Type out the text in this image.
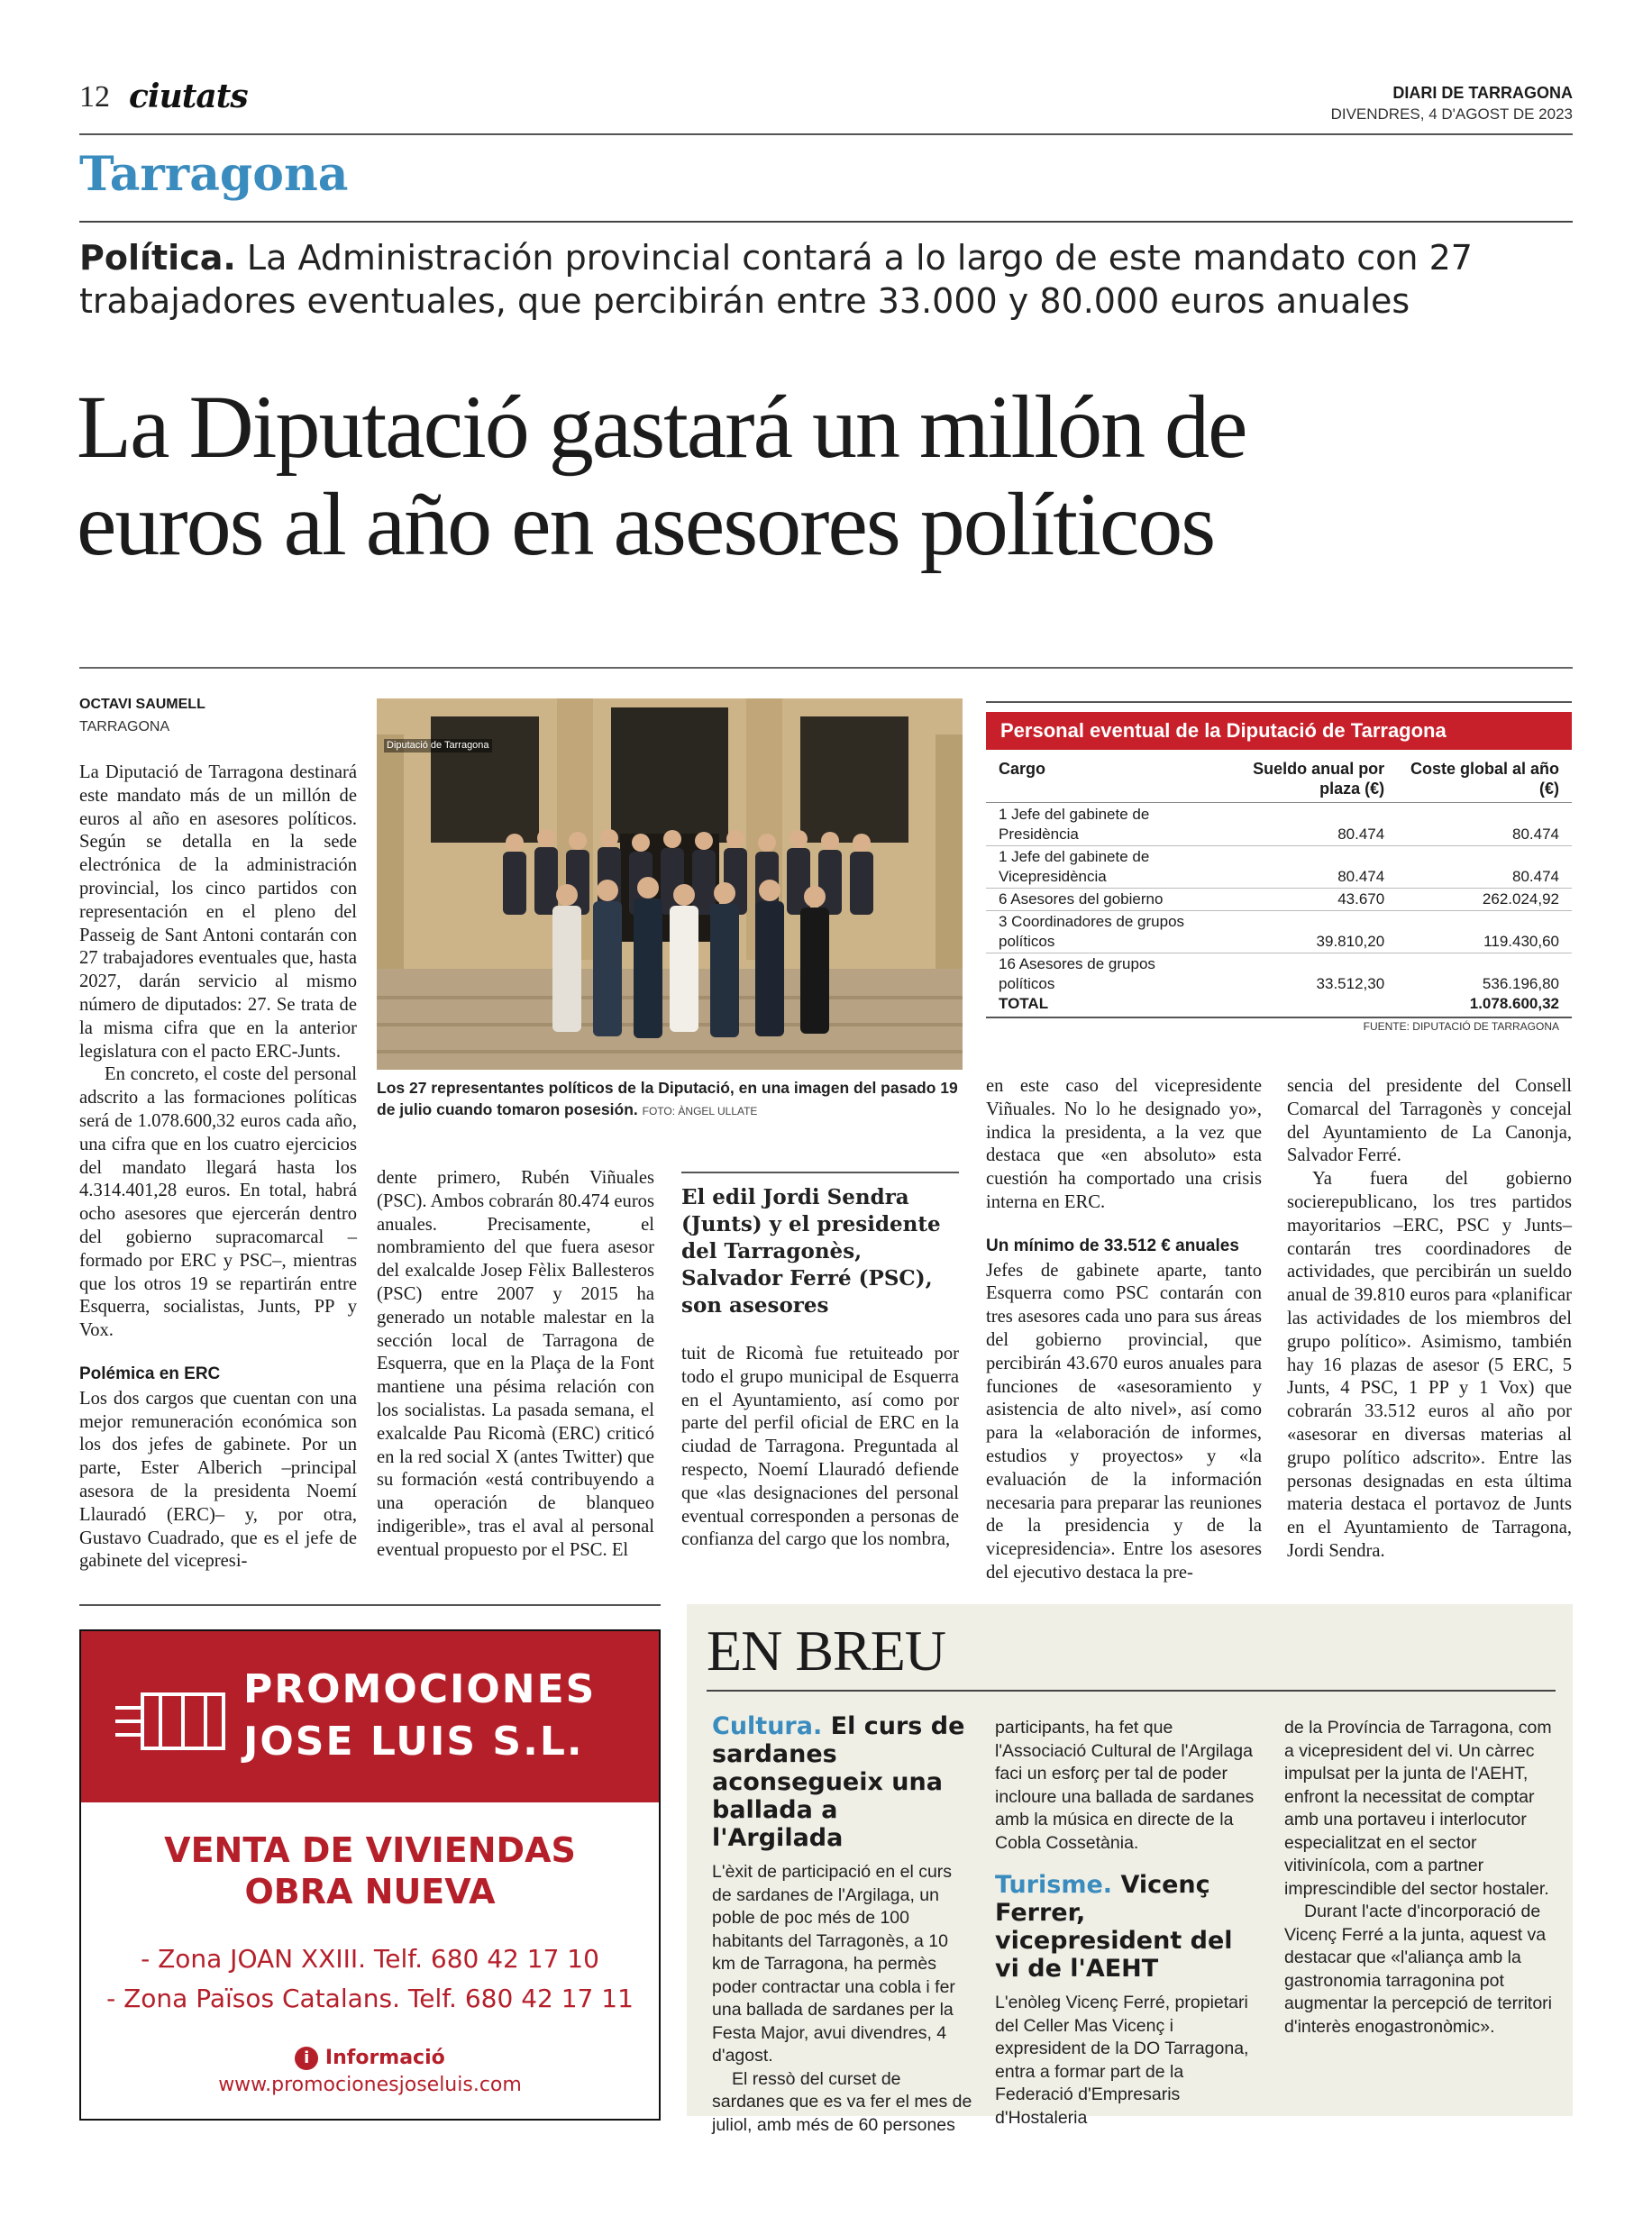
12 ciutats	DIARI DE TARRAGONA
DIVENDRES, 4 D'AGOST DE 2023
Tarragona
Política. La Administración provincial contará a lo largo de este mandato con 27 trabajadores eventuales, que percibirán entre 33.000 y 80.000 euros anuales
La Diputació gastará un millón de
euros al año en asesores políticos
OCTAVI SAUMELL
TARRAGONA

La Diputació de Tarragona destinará este mandato más de un millón de euros al año en asesores políticos. Según se detalla en la sede electrónica de la administración provincial, los cinco partidos con representación en el pleno del Passeig de Sant Antoni contarán con 27 trabajadores eventuales que, hasta 2027, darán servicio al mismo número de diputados: 27. Se trata de la misma cifra que en la anterior legislatura con el pacto ERC-Junts.

En concreto, el coste del personal adscrito a las formaciones políticas será de 1.078.600,32 euros cada año, una cifra que en los cuatro ejercicios del mandato llegará hasta los 4.314.401,28 euros. En total, habrá ocho asesores que ejercerán dentro del gobierno supracomarcal –formado por ERC y PSC–, mientras que los otros 19 se repartirán entre Esquerra, socialistas, Junts, PP y Vox.

Polémica en ERC

Los dos cargos que cuentan con una mejor remuneración económica son los dos jefes de gabinete. Por un parte, Ester Alberich –principal asesora de la presidenta Noemí Llauradó (ERC)– y, por otra, Gustavo Cuadrado, que es el jefe de gabinete del vicepresi-

Diputació de Tarragona
Los 27 representantes políticos de la Diputació, en una imagen del pasado 19 de julio cuando tomaron posesión. FOTO: ÀNGEL ULLATE
Personal eventual de la Diputació de Tarragona
Cargo	Sueldo anual por plaza (€)	Coste global al año (€)

1 Jefe del gabinete de Presidència	80.474	80.474

1 Jefe del gabinete de Vicepresidència	80.474	80.474

6 Asesores del gobierno	43.670	262.024,92

3 Coordinadores de grupos políticos	39.810,20	119.430,60

16 Asesores de grupos políticos	33.512,30	536.196,80
TOTAL		1.078.600,32
FUENTE: DIPUTACIÓ DE TARRAGONA

dente primero, Rubén Viñuales (PSC). Ambos cobrarán 80.474 euros anuales. Precisamente, el nombramiento del que fuera asesor del exalcalde Josep Fèlix Ballesteros (PSC) entre 2007 y 2015 ha generado un notable malestar en la sección local de Tarragona de Esquerra, que en la Plaça de la Font mantiene una pésima relación con los socialistas. La pasada semana, el exalcalde Pau Ricomà (ERC) criticó en la red social X (antes Twitter) que su formación «está contribuyendo a una operación de blanqueo indigerible», tras el aval al personal eventual propuesto por el PSC. El

El edil Jordi Sendra (Junts) y el presidente del Tarragonès, Salvador Ferré (PSC), son asesores

tuit de Ricomà fue retuiteado por todo el grupo municipal de Esquerra en el Ayuntamiento, así como por parte del perfil oficial de ERC en la ciudad de Tarragona. Preguntada al respecto, Noemí Llauradó defiende que «las designaciones del personal eventual corresponden a personas de confianza del cargo que los nombra,

en este caso del vicepresidente Viñuales. No lo he designado yo», indica la presidenta, a la vez que destaca que «en absoluto» esta cuestión ha comportado una crisis interna en ERC.

Un mínimo de 33.512 € anuales

Jefes de gabinete aparte, tanto Esquerra como PSC contarán con tres asesores cada uno para sus áreas del gobierno provincial, que percibirán 43.670 euros anuales para funciones de «asesoramiento y asistencia de alto nivel», así como para la «elaboración de informes, estudios y proyectos» y «la evaluación de la información necesaria para preparar las reuniones de la presidencia y de la vicepresidencia». Entre los asesores del ejecutivo destaca la pre-

sencia del presidente del Consell Comarcal del Tarragonès y concejal del Ayuntamiento de La Canonja, Salvador Ferré.

Ya fuera del gobierno socierepublicano, los tres partidos mayoritarios –ERC, PSC y Junts– contarán tres coordinadores de actividades, que percibirán un sueldo anual de 39.810 euros para «planificar las actividades de los miembros del grupo político». Asimismo, también hay 16 plazas de asesor (5 ERC, 5 Junts, 4 PSC, 1 PP y 1 Vox) que cobrarán 33.512 euros al año por «asesorar en diversas materias al grupo político adscrito». Entre las personas designadas en esta última materia destaca el portavoz de Junts en el Ayuntamiento de Tarragona, Jordi Sendra.

PROMOCIONES
JOSE LUIS S.L.
VENTA DE VIVIENDAS
OBRA NUEVA
- Zona JOAN XXIII. Telf. 680 42 17 10
- Zona Països Catalans. Telf. 680 42 17 11
i Informació
www.promocionesjoseluis.com
EN BREU
Cultura. El curs de sardanes aconsegueix una ballada a l'Argilada

L'èxit de participació en el curs de sardanes de l'Argilaga, un poble de poc més de 100 habitants del Tarragonès, a 10 km de Tarragona, ha permès poder contractar una cobla i fer una ballada de sardanes per la Festa Major, avui divendres, 4 d'agost.

El ressò del curset de sardanes que es va fer el mes de juliol, amb més de 60 persones

participants, ha fet que l'Associació Cultural de l'Argilaga faci un esforç per tal de poder incloure una ballada de sardanes amb la música en directe de la Cobla Cossetània.

Turisme. Vicenç Ferrer, vicepresident del vi de l'AEHT

L'enòleg Vicenç Ferré, propietari del Celler Mas Vicenç i expresident de la DO Tarragona, entra a formar part de la Federació d'Empresaris d'Hostaleria

de la Província de Tarragona, com a vicepresident del vi. Un càrrec impulsat per la junta de l'AEHT, enfront la necessitat de comptar amb una portaveu i interlocutor especialitzat en el sector vitivinícola, com a partner imprescindible del sector hostaler.

Durant l'acte d'incorporació de Vicenç Ferré a la junta, aquest va destacar que «l'aliança amb la gastronomia tarragonina pot augmentar la percepció de territori d'interès enogastronòmic».
